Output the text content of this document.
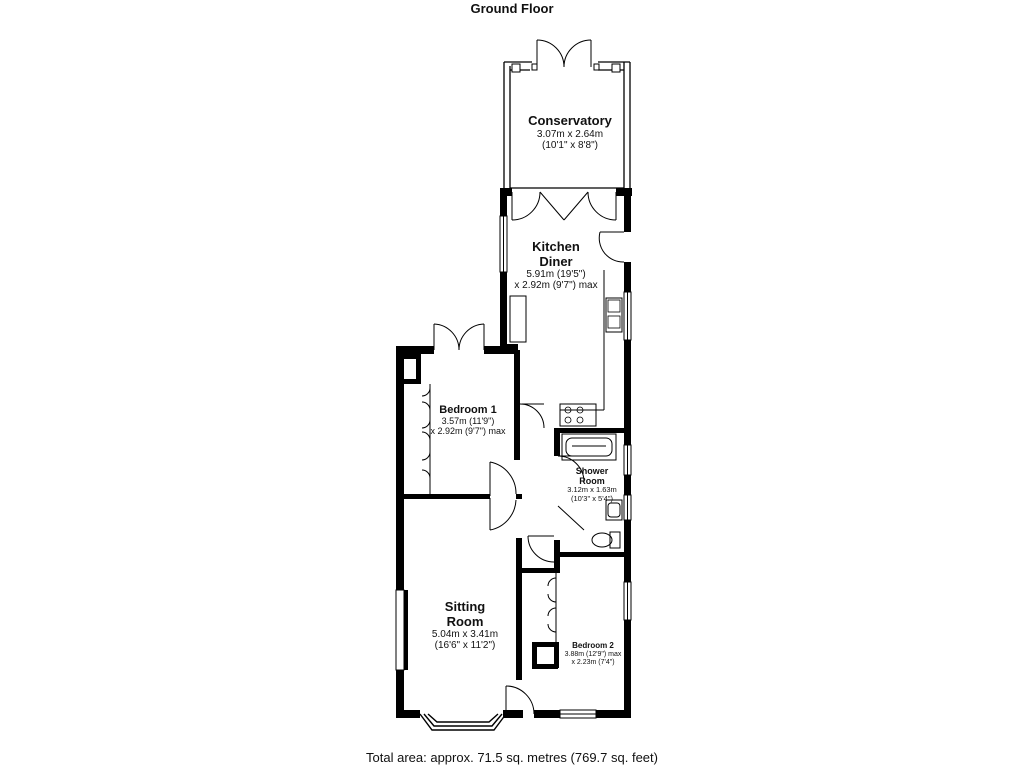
Ground Floor
Conservatory
3.07m x 2.64m
(10'1" x 8'8")
Kitchen
Diner
5.91m (19'5")
x 2.92m (9'7") max
Bedroom 1
3.57m (11'9")
x 2.92m (9'7") max
Shower
Room
3.12m x 1.63m
(10'3" x 5'4")
Sitting
Room
5.04m x 3.41m
(16'6" x 11'2")	Bedroom 2
3.88m (12'9") max
x 2.23m (7'4")
Total area: approx. 71.5 sq. metres (769.7 sq. feet)
